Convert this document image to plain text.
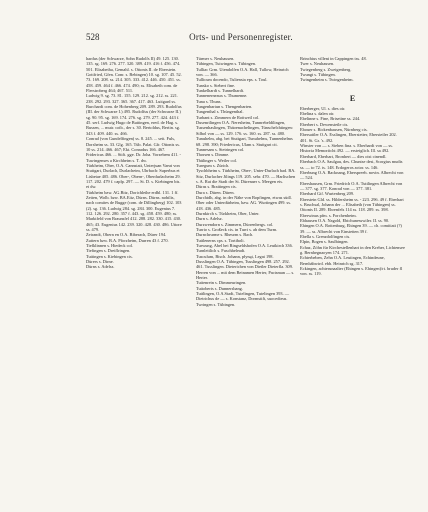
528	Orts- und Personenregister.

hardus (der Schwarze, Sohn Rudolfs II) 49. 125. 130. 135. sg. 169. 276. 277. 320. 389. 419. 416 f. 456. 474. 501. Elisabetha, Gemahl. s. Ottonis II. de Eberstein. Gottfried, Gfen. Conr. s. Bebingen) 10. sg. 107. 45. 52. 73. 169. 208. ss. 214. 305. 333. 412. 446. 450. 451. ss. 458. 459. 464 f. 466. 474. 490; ss. Elisabeth com. de Flerstroberg 464; 467. 511.

Ludwig 9. sg. 73. 81. 155. 129. 212. sg. 212. ss. 221. 238. 292. 293. 327. 365. 367. 417. 463. Luitgard ss. Burchardi com. de Hohenberg 209. 289. 293. Rudolfus (III. der Schwarze I.) 495. Rudolfus (der Schwarze II.) sg. 90. 95. sg. 169. 174. 276. sg. 279. 277. 424. 443 f. 45. serf. Ludwig Hugo de Buttingen, ered. de Hag. s. Bussen, ... mutr. coib., der s. 30. Bertoldus, Bertin. sg. 343 f. 409. 440. ss. 466.

Conrad (von Gundelfingen) ss. 8. 245. ... seit. Fuls, Dorsheim ss. 33. Glg. 165. Tüb. Palat. Gfr. Ottonis ss. 10 ss. 214. 466. 467; Ekt. Conradus 166. 467. Fridericus 466. ... Stift. gge. Dr. Joha. Vorzebem 411. - Tuwingenses a Kirchheim s. T. dw.

Türkheim, Ober, O.A. Cannstatt, Unterjuan Vaeat von Stuttgart, Durlach, Durlacheim, Uhrbach: Superbus et Lisbetae 405. 486. Ober-, Obern-, Oberdurlacheim 29. 117. 202. 479 f. caplp. 297. — St. D. s. Kiebingen bis. et dw.

Türkheim bzw. AG.Bitz, Dorichleihe erdbl. 131. 1 ff.

Zetten, Wolb. bzw. BA.Eitz, Dürns. Dürns. nobilis, nach comites de Bugge (com. de Dillingberg) 102. 103 (2). sg. 136. Ludwig 284. sg. 284. 300. Eugenius 7. 112. 126. 292. 280. 357 f. 443. sg. 458. 459. 480; ss. Marktfeld von Braunsfel 412. 288. 282. 330. 415. 430. 465; 43. Eugenius 142. 239. 320. 428. 430. 486. Uttore ss. 479.

Zeirandt, Obern en O.A. Biberach, Dürer 194.

Zuttern bzw. B.A. Pforzheim, Durren 43 f. 270.

Tiefklinnen s. Hiedeck col.

Tiefingen s. Dreiflringen.

Tuttingen s. Kiebingen cis.

Dürers s. Dirne.

Dürns s. Adelsz.

Türmer s. Neuhausen.

Tübingen, Tuiwingen s. Tübingen.

Tulliac Grm. Utendolfen O.A. Hall, Tullow, Heinrich von. — 366.

Tullicum docendo, Tuliensia eps. s. Toul.

Tunsko s. Siebert fine.

Tunkelhardt s. Tunnelhardt.

Tunnenerneaux s. Thumenne.

Tuna s. Thuns.

Tungenbartun s. Thengenbarten.

Tungenthal s. Thüngenthal.

Turbant s. Zimmern de Rottweil col.

Dusenrilingen O.A. Neresheim, Tunnrebeldilingen, Tussenhaslingen, Thäoenachelingen, Tünschelchtingen: Silbol von — ss. 129. 176. ss. 160. ss. 287. ss. 480.

Tunuhelm, abg. bei Stuttgart, Tunuhelms, Tunnenhelms 68. 298. 390; Friedericus, Ulam s. Stuttgart cit.

Tunnesam s. Stetringen col.

Thorsen s. Dimme.

Thülinger s. Weiler col.

Turegum s. Zürich.

Tyschbheim s. Türkheim, Ober-, Unter-Durlach bad. BA. Sitz, Durlacher Jilings 119. 205. sehr. 470. — Harlischen s. A. Rat die Stadt der St. Dürenaer s. Meegen eis.

Düras s. Braitingen cis.

Dura s. Düren. Düren.

Durchtdh, abg. in der Nähe von Bopfingen, etwas südl. Ober oder Unterdürheim, bzw. AG. Wurtingen 499. ss. 418. 436. 485.

Durnkirch s. Türkheim, Ober, Unter.

Durn s. Adelsz.

Durzwendorn s. Zimmern, Dürrenbergs. col.

Turrio s. Großeck cis. in Turri s. ab dem Turm.

Durnchrurme s. Rheurm s. Bach.

Tuttlenerns cps. s. Tortiboli.

Turwung, Abel bei Ringseldshofen O.A. Leutkirch 336.

Turnleitlich s. Fuschheleadt.

Tusculum, Bisch. Johann, płynąt, Legat 198.

Dusslingen O.A. Tübingen, Tusslingen 498. 257. 292. 461. Tusslingen. Dieterichen von Dietler Dieterfla. 309. Herren von ... mit dem Beinamen Herter, Pactsman — s. Herter.

Tuttenrein s. Dimmeuringen.

Tuttoberts s. Dunnersbang.

Tuttlingen, O.A.Stadt, Tutelingen, Tutelingen 393. — Dietrichus de — s. Konstanz, Dormstift, suocedieus.

Twringen s. Tübingen.

Brinchius villeni in Cappingen tss. 48.

Twer s. Neuhausen.

Twiegenberg s. Zweigenberg.

Twungt s. Tübingen.

Twingenheim s. Twingenheim.

E

Eberberger, Ul. s. dies oir.

Ebelina s. dalen oir.

Ebelinne s. Fine, Brisetine ss. 244.

Eberbert s. Dewenstetle cis.

Ebouer s. Bickenbausen, Nürnberg cis.

Ebersattler O.A. Esslingen, Eberstetter, Ebersteiler 202. 401. St. Gr. 's. 492.

Winster von — s. Sieben fina. s. Eberhardt von — ss. Historia Memoriicht 492. — ersteiglich. Ill. sa 492.

Eberhard, Eberhart, Bronhert — dies oist cinendl.

Eberbach O.A. Saulgau, des. Chuntse desi, Scorgius mudis ss. — to 72. ts. 148. Erdogeros actor. ss. 146.

Eberbung O.A. Backnang, Eberspreeh. novin. Albrecht von — 524.

Ebershausen, Grm. Friedrich O.A. Tuttlingen Albrecht von — 377. sg. 377. Konrad von — 377. 381.

Eberhard Gif. Wurtenberg 209.

Eberstein Gld. ss. Hildersheim ss. - 223. 296. 49 f. Eberhart s. Bruchsal, Johann der ... Elisabeth (von Tübingen) ss. Ottonis II. 289. Ehrenfels 114 ss. 118. 289. ss. 398.

Eberwinus pfm. s. Forchenheim.

Ebhausen O.A. Nagold, Ebichunesswiler. II. ss. 90.

Ehingen O.A. Rottenburg, Ehingen 39. — ch. comitiati (?) 39. — ss. Albrecht von Einstetten 39 f.

Ebella s. Grenzdolfingen cis.

Elpin, Bogen s. Saulbingen.

Echaz, Zöhn für Kirchestellenhart in den Kreher, Lichtensee g. Bernhegnaoyen 174. 271.

Echterbeben, Zehn O.A. Leutingen, Echindeune, Bernbäbwird. ebb. Heinrich sg. 317.

Eckingen, achterunaalter (Ehingen s. Ehingen)/rt. bruder fl von. ss. 119.
